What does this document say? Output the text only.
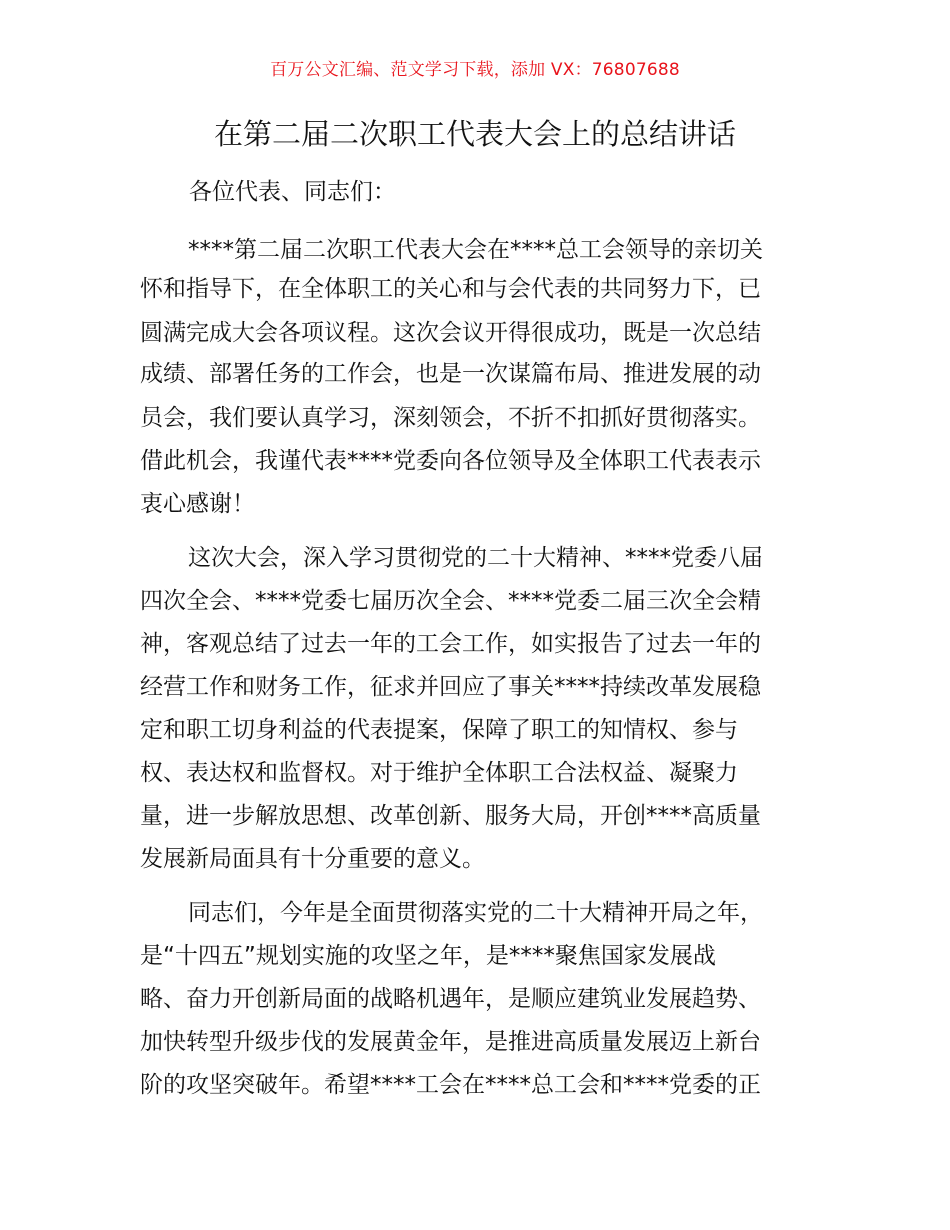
百万公文汇编、范文学习下载，添加 VX：76807688
在第二届二次职工代表大会上的总结讲话

各位代表、同志们：

****第二届二次职工代表大会在****总工会领导的亲切关

怀和指导下，在全体职工的关心和与会代表的共同努力下，已

圆满完成大会各项议程。这次会议开得很成功，既是一次总结

成绩、部署任务的工作会，也是一次谋篇布局、推进发展的动

员会，我们要认真学习，深刻领会，不折不扣抓好贯彻落实。

借此机会，我谨代表****党委向各位领导及全体职工代表表示

衷心感谢！

这次大会，深入学习贯彻党的二十大精神、****党委八届

四次全会、****党委七届历次全会、****党委二届三次全会精

神，客观总结了过去一年的工会工作，如实报告了过去一年的

经营工作和财务工作，征求并回应了事关****持续改革发展稳

定和职工切身利益的代表提案，保障了职工的知情权、参与

权、表达权和监督权。对于维护全体职工合法权益、凝聚力

量，进一步解放思想、改革创新、服务大局，开创****高质量

发展新局面具有十分重要的意义。

同志们，今年是全面贯彻落实党的二十大精神开局之年，

是“十四五”规划实施的攻坚之年，是****聚焦国家发展战

略、奋力开创新局面的战略机遇年，是顺应建筑业发展趋势、

加快转型升级步伐的发展黄金年，是推进高质量发展迈上新台

阶的攻坚突破年。希望****工会在****总工会和****党委的正
